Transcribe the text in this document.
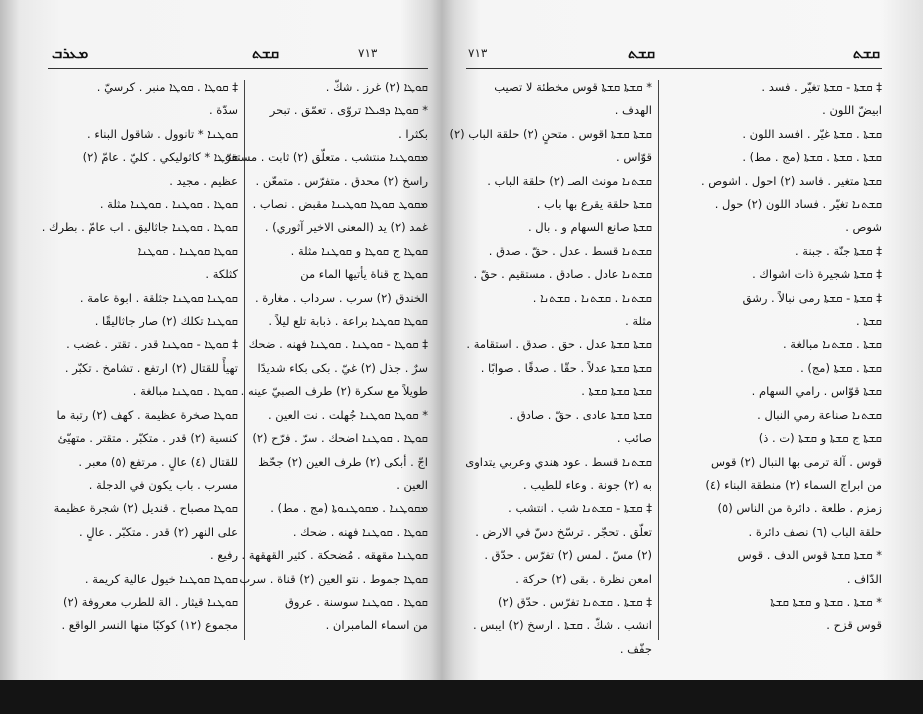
ܡܥܪܒ	ܩܫܬ	٧١٣
ܩܘܛܐ (٢) غرز . شكّ .
* ܩܘܛܐ ܕܦܝܠܐ تروّى . تعمّق . تبحر
بكثرا .
ܡܩܘܛܢܐ منتشب . متعلّق (٢) ثابت . مستقرّ .
راسخ (٢) محدق . متفرّس . متمعّن .
ܡܩܘܛ ܩܘܛܐ ܩܘܛܝܢܐ مقبض . نصاب .
غمد (٢) يد (المعنى الاخير آثوري) .
ܩܘܛܐ ج ܩܘܛܐ و ܩܘܛܢܐ مثلة .
ܩܘܛܐ ج قناة يأتيها الماء من
الخندق (٢) سرب . سرداب . مغارة .
ܩܘܛܐ ܩܘܛܝܐ براعة . ذبابة تلع ليلاً .
‡ ܩܘܛܐ - ܩܘܛܢܐ . ܩܘܛܢܐ فهنه . ضحك
سرٌ . جذل (٢) غيّ . بكى بكاء شديدًا
طويلاً مع سكرة (٢) طرف الصبيّ عينه .
* ܩܘܛܐ ܩܘܛܢܐ جُهلت . نت العين .
ܩܘܛܐ . ܩܘܛܢܐ اضحك . سرّ . فرّح (٢)
اجّ . أبكى (٢) طرف العين (٢) جحّظ
العين .
ܡܩܘܛܢܐ . ܡܩܘܛܢܘܬܐ (مج . مط) .
ܩܘܛܐ . ܩܘܛܢܐ فهنه . ضحك .
ܩܘܛܢܐ مقهقه . مُضحكة . كثير القهقهة .
ܩܘܛܐ جموط . نتو العين (٢) قناة . سرب .
ܩܘܛܐ . ܩܘܛܢܐ سوسنة . عروق
من اسماء المامبران .
‡ ܩܘܛܐ . ܩܘܛܐ منبر . كرسيّ .
سدّة .
ܩܘܛܢܐ * تانوول . شاقول البناء .
ܩܘܛܐ * كاثوليكي . كليّ . عامّ (٢)
عظيم . مجيد .
ܩܘܛܐ . ܩܘܛܢܐ . ܩܘܛܢܐ مثلة .
ܩܘܛܐ . ܩܘܛܢܐ جاثاليق . اب عامّ . بطرك .
ܩܘܛܐ ܩܘܛܢܐ . ܩܘܛܢܐ
كثلكة .
ܩܘܛܢܐ ܩܘܛܢܐ جثلقة . ابوة عامة .
ܩܘܛܢܐ تكلك (٢) صار جاثاليقًا .
‡ ܩܘܛܐ - ܩܘܛܢܐ قدر . تقتر . غضب .
تهيأً للقتال (٢) ارتفع . تشامخ . تكبّر .
ܩܘܛܐ . ܩܘܛܢܐ مبالغة .
ܩܘܛܐ صخرة عظيمة . كهف (٢) رتبة ما
كنسية (٢) قدر . متكبّر . متقتر . متهيّئ
للقتال (٤) عالٍ . مرتفع (٥) معبر .
مسرب . باب يكون في الدجلة .
ܩܘܛܐ مصباح . قنديل (٢) شجرة عظيمة
على النهر (٢) قدر . متكبّر . عالٍ .
رفيع .
ܩܘܛܐ ܩܘܛܢܐ خيول عالية كريمة .
ܩܘܛܢܐ قيثار . الة للطرب معروفة (٢)
مجموع (١٢) كوكبًا منها النسر الواقع .
٧١٣	ܩܫܬ	ܩܫܬ
* ܩܫܬܐ ܩܫܬܐ قوس مخطئة لا تصيب
الهدف .
ܩܫܬܐ ܩܫܬܐ اقوس . متحنٍ (٢) حلقة الباب (٢)
قوّاس .
ܩܫܬܢܐ مونث الصـ (٢) حلقة الباب .
ܩܫܬܐ حلقة يقرع بها باب .
ܩܫܬܐ صانع السهام و . بال .
ܩܫܬܢܐ قسط . عدل . حقّ . صدق .
ܩܫܬܢܐ عادل . صادق . مستقيم . حقّ .
ܩܫܬܢܐ . ܩܫܬܢܐ . ܩܫܬܢܐ .
مثلة .
ܩܫܬܐ ܩܫܬܐ عدل . حق . صدق . استقامة .
ܩܫܬܐ ܩܫܬܐ عدلاً . حقّا . صدقًا . صوابًا .
ܩܫܬܐ ܩܫܬܐ ܩܫܬܐ .
ܩܫܬܐ ܩܫܬܐ عادى . حقّ . صادق .
صائب .
ܩܫܬܢܐ قسط . عود هندي وعربي يتداوى
به (٢) جونة . وعاء للطيب .
‡ ܩܫܬܐ - ܩܫܬܢܐ شب . انتشب .
تعلّق . تحجّر . ترسّخ دسّ في الارض .
(٢) مسّ . لمس (٢) تفرّس . حدّق .
امعن نظرة . بقى (٢) حركة .
‡ ܩܫܬܐ . ܩܫܬܢܐ تفرّس . حدّق (٢)
انشب . شكّ . ܩܫܬܐ . ارسخ (٢) ايبس .
جفّف .
‡ ܩܫܬܐ - ܩܫܬܐ تغيّر . فسد .
ابيضّ اللون .
ܩܫܬܐ . ܩܫܬܐ غيّر . افسد اللون .
ܩܫܬܐ . ܩܫܬܐ . ܩܫܬܐ (مج . مط) .
ܩܫܬܐ متغير . فاسد (٢) احول . اشوص .
ܩܫܬܢܐ تغيّر . فساد اللون (٢) حول .
شوص .
‡ ܩܫܬܐ جنّة . جبنة .
‡ ܩܫܬܐ شجيرة ذات اشواك .
‡ ܩܫܬܐ - ܩܫܬܐ رمى نبالاً . رشق
ܩܫܬܐ .
ܩܫܬܐ . ܩܫܬܢܐ مبالغة .
ܩܫܬܐ . ܩܫܬܐ (مج) .
ܩܫܬܐ قوّاس . رامي السهام .
ܩܫܬܢܐ صناعة رمي النبال .
ܩܫܬܐ ج ܩܫܬܐ و ܩܫܬܐ (ت . ذ)
قوس . آلة ترمى بها النبال (٢) قوس
من ابراج السماء (٢) منطقة البناء (٤)
زمزم . طلعة . دائرة من الناس (٥)
حلقة الباب (٦) نصف دائرة .
* ܩܫܬܐ ܩܫܬܐ قوس الدف . قوس
الدّاف .
* ܩܫܬܐ . ܩܫܬܐ و ܩܫܬܐ ܩܫܬܐ
قوس قزح .
